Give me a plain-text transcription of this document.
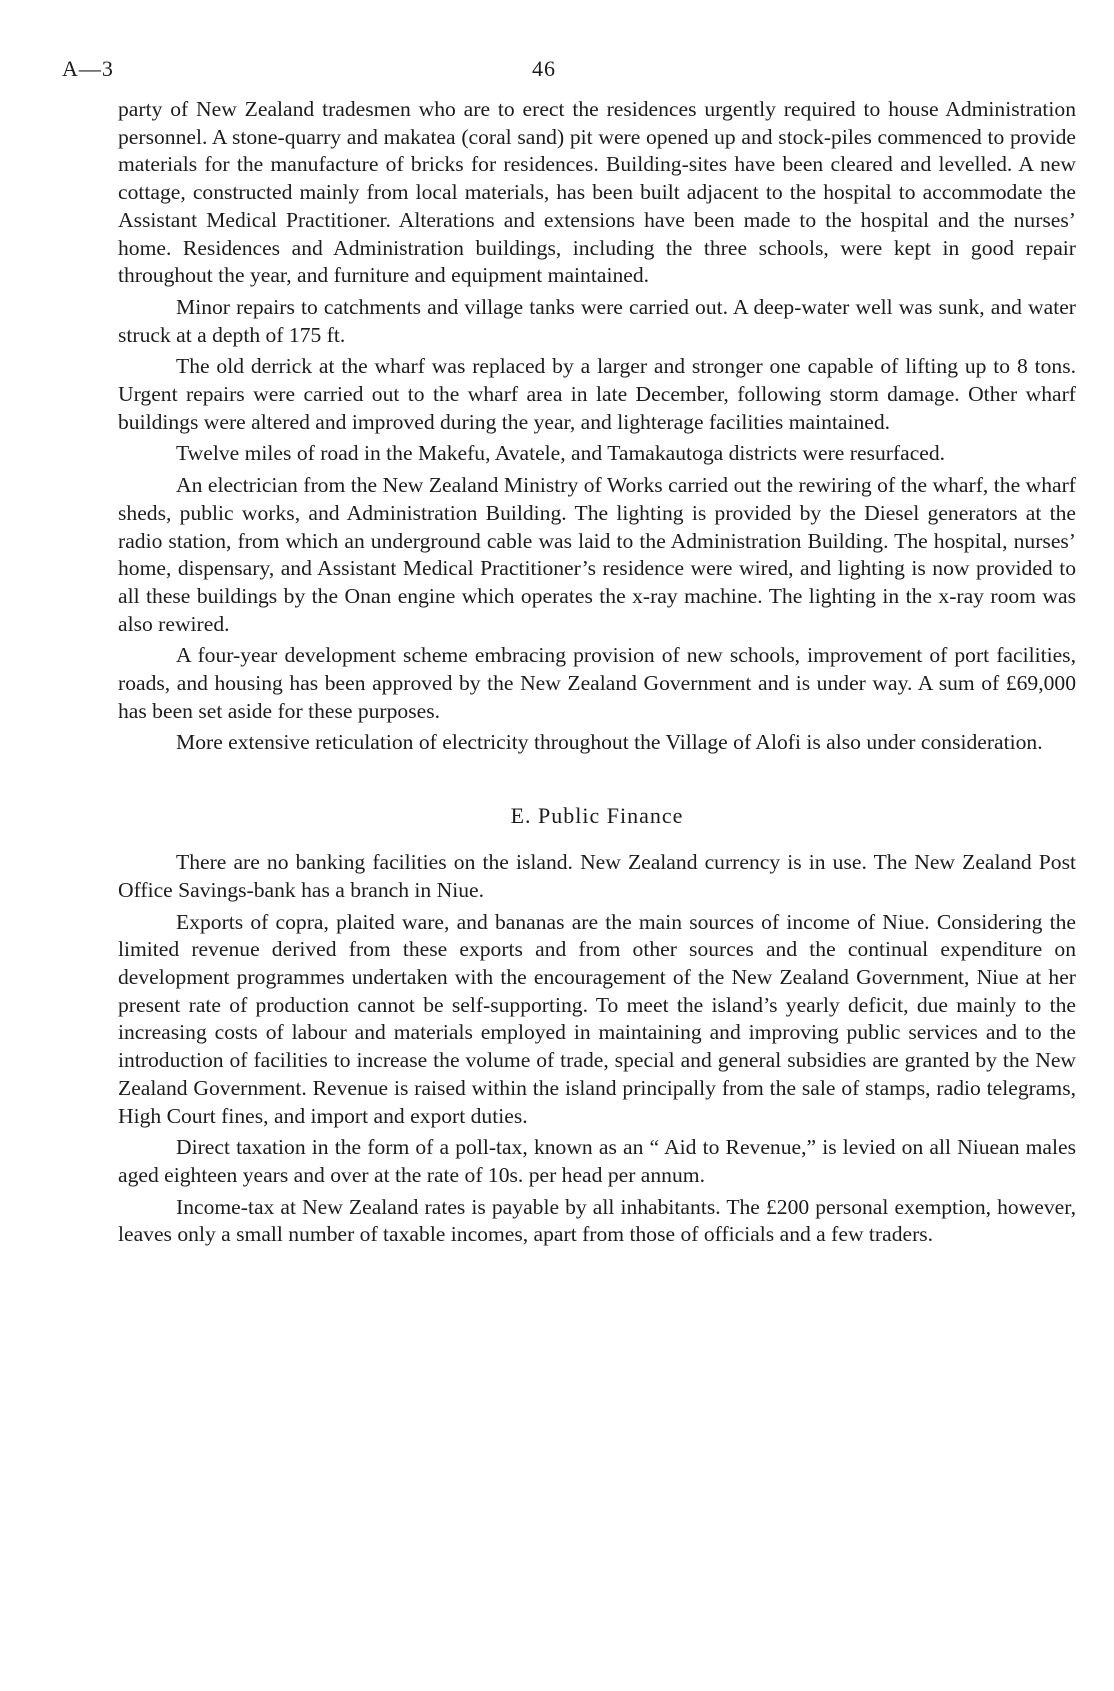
A—3	46

party of New Zealand tradesmen who are to erect the residences urgently required to house Administration personnel. A stone-quarry and makatea (coral sand) pit were opened up and stock-piles commenced to provide materials for the manufacture of bricks for residences. Building-sites have been cleared and levelled. A new cottage, constructed mainly from local materials, has been built adjacent to the hospital to accommodate the Assistant Medical Practitioner. Alterations and extensions have been made to the hospital and the nurses’ home. Residences and Administration buildings, including the three schools, were kept in good repair throughout the year, and furniture and equipment maintained.

Minor repairs to catchments and village tanks were carried out. A deep-water well was sunk, and water struck at a depth of 175 ft.

The old derrick at the wharf was replaced by a larger and stronger one capable of lifting up to 8 tons. Urgent repairs were carried out to the wharf area in late December, following storm damage. Other wharf buildings were altered and improved during the year, and lighterage facilities maintained.

Twelve miles of road in the Makefu, Avatele, and Tamakautoga districts were resurfaced.

An electrician from the New Zealand Ministry of Works carried out the rewiring of the wharf, the wharf sheds, public works, and Administration Building. The lighting is provided by the Diesel generators at the radio station, from which an underground cable was laid to the Administration Building. The hospital, nurses’ home, dispensary, and Assistant Medical Practitioner’s residence were wired, and lighting is now provided to all these buildings by the Onan engine which operates the x-ray machine. The lighting in the x-ray room was also rewired.

A four-year development scheme embracing provision of new schools, improvement of port facilities, roads, and housing has been approved by the New Zealand Government and is under way. A sum of £69,000 has been set aside for these purposes.

More extensive reticulation of electricity throughout the Village of Alofi is also under consideration.

E. Public Finance

There are no banking facilities on the island. New Zealand currency is in use. The New Zealand Post Office Savings-bank has a branch in Niue.

Exports of copra, plaited ware, and bananas are the main sources of income of Niue. Considering the limited revenue derived from these exports and from other sources and the continual expenditure on development programmes undertaken with the encouragement of the New Zealand Government, Niue at her present rate of production cannot be self-supporting. To meet the island’s yearly deficit, due mainly to the increasing costs of labour and materials employed in maintaining and improving public services and to the introduction of facilities to increase the volume of trade, special and general subsidies are granted by the New Zealand Government. Revenue is raised within the island principally from the sale of stamps, radio telegrams, High Court fines, and import and export duties.

Direct taxation in the form of a poll-tax, known as an “ Aid to Revenue,” is levied on all Niuean males aged eighteen years and over at the rate of 10s. per head per annum.

Income-tax at New Zealand rates is payable by all inhabitants. The £200 personal exemption, however, leaves only a small number of taxable incomes, apart from those of officials and a few traders.
